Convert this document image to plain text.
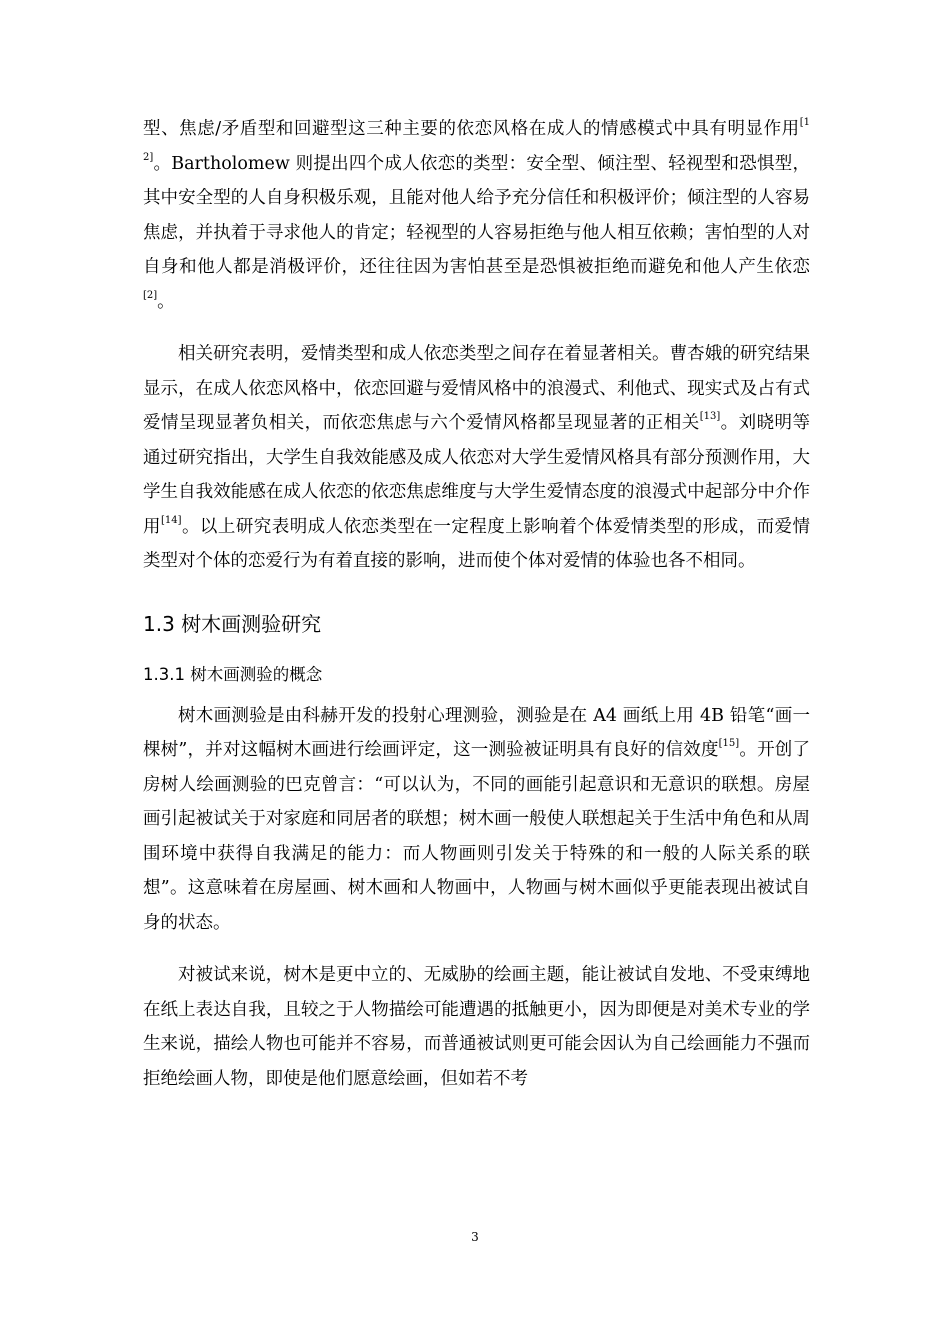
型、焦虑/矛盾型和回避型这三种主要的依恋风格在成人的情感模式中具有明显作用[12]。Bartholomew 则提出四个成人依恋的类型：安全型、倾注型、轻视型和恐惧型，其中安全型的人自身积极乐观，且能对他人给予充分信任和积极评价；倾注型的人容易焦虑，并执着于寻求他人的肯定；轻视型的人容易拒绝与他人相互依赖；害怕型的人对自身和他人都是消极评价，还往往因为害怕甚至是恐惧被拒绝而避免和他人产生依恋[2]。

相关研究表明，爱情类型和成人依恋类型之间存在着显著相关。曹杏娥的研究结果显示，在成人依恋风格中，依恋回避与爱情风格中的浪漫式、利他式、现实式及占有式爱情呈现显著负相关，而依恋焦虑与六个爱情风格都呈现显著的正相关[13]。刘晓明等通过研究指出，大学生自我效能感及成人依恋对大学生爱情风格具有部分预测作用，大学生自我效能感在成人依恋的依恋焦虑维度与大学生爱情态度的浪漫式中起部分中介作用[14]。以上研究表明成人依恋类型在一定程度上影响着个体爱情类型的形成，而爱情类型对个体的恋爱行为有着直接的影响，进而使个体对爱情的体验也各不相同。

1.3 树木画测验研究
1.3.1 树木画测验的概念

树木画测验是由科赫开发的投射心理测验，测验是在 A4 画纸上用 4B 铅笔“画一棵树”，并对这幅树木画进行绘画评定，这一测验被证明具有良好的信效度[15]。开创了房树人绘画测验的巴克曾言：“可以认为，不同的画能引起意识和无意识的联想。房屋画引起被试关于对家庭和同居者的联想；树木画一般使人联想起关于生活中角色和从周围环境中获得自我满足的能力：而人物画则引发关于特殊的和一般的人际关系的联想”。这意味着在房屋画、树木画和人物画中，人物画与树木画似乎更能表现出被试自身的状态。

对被试来说，树木是更中立的、无威胁的绘画主题，能让被试自发地、不受束缚地在纸上表达自我，且较之于人物描绘可能遭遇的抵触更小，因为即便是对美术专业的学生来说，描绘人物也可能并不容易，而普通被试则更可能会因认为自己绘画能力不强而拒绝绘画人物，即使是他们愿意绘画，但如若不考

3
